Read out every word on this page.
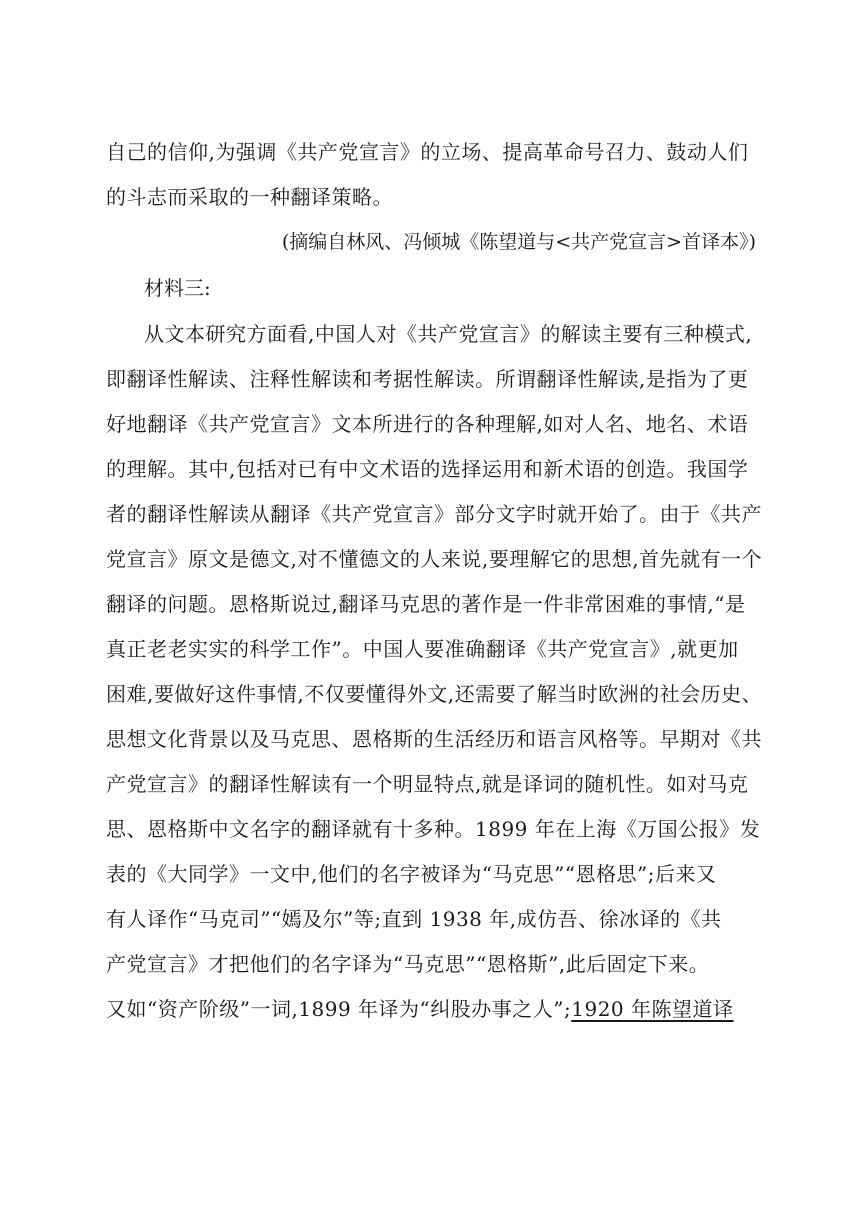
自己的信仰,为强调《共产党宣言》的立场、提高革命号召力、鼓动人们
的斗志而采取的一种翻译策略。
(摘编自林风、冯倾城《陈望道与<共产党宣言>首译本》)
材料三:
从文本研究方面看,中国人对《共产党宣言》的解读主要有三种模式,
即翻译性解读、注释性解读和考据性解读。所谓翻译性解读,是指为了更
好地翻译《共产党宣言》文本所进行的各种理解,如对人名、地名、术语
的理解。其中,包括对已有中文术语的选择运用和新术语的创造。我国学
者的翻译性解读从翻译《共产党宣言》部分文字时就开始了。由于《共产
党宣言》原文是德文,对不懂德文的人来说,要理解它的思想,首先就有一个
翻译的问题。恩格斯说过,翻译马克思的著作是一件非常困难的事情,“是
真正老老实实的科学工作”。中国人要准确翻译《共产党宣言》,就更加
困难,要做好这件事情,不仅要懂得外文,还需要了解当时欧洲的社会历史、
思想文化背景以及马克思、恩格斯的生活经历和语言风格等。早期对《共
产党宣言》的翻译性解读有一个明显特点,就是译词的随机性。如对马克
思、恩格斯中文名字的翻译就有十多种。1899 年在上海《万国公报》发
表的《大同学》一文中,他们的名字被译为“马克思”“恩格思”;后来又
有人译作“马克司”“嫣及尔”等;直到 1938 年,成仿吾、徐冰译的《共
产党宣言》才把他们的名字译为“马克思”“恩格斯”,此后固定下来。
又如“资产阶级”一词,1899 年译为“纠股办事之人”;1920 年陈望道译
